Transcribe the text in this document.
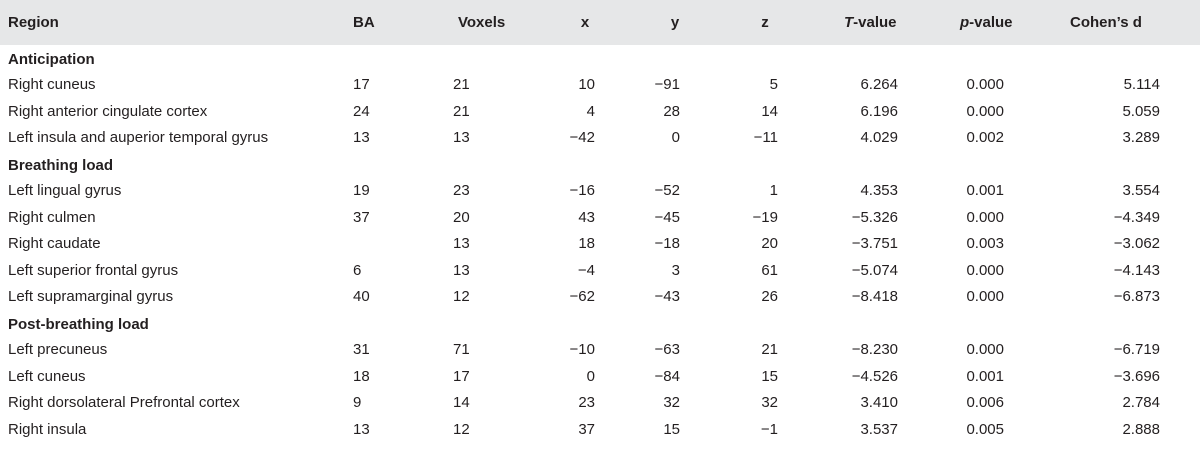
Region	BA	Voxels	x	y	z	T-value	p-value	Cohen’s d
Anticipation								
Right cuneus	17	21	10	−91	5	6.264	0.000	5.114
Right anterior cingulate cortex	24	21	4	28	14	6.196	0.000	5.059
Left insula and auperior temporal gyrus	13	13	−42	0	−11	4.029	0.002	3.289
Breathing load								
Left lingual gyrus	19	23	−16	−52	1	4.353	0.001	3.554
Right culmen	37	20	43	−45	−19	−5.326	0.000	−4.349
Right caudate		13	18	−18	20	−3.751	0.003	−3.062
Left superior frontal gyrus	6	13	−4	3	61	−5.074	0.000	−4.143
Left supramarginal gyrus	40	12	−62	−43	26	−8.418	0.000	−6.873
Post-breathing load								
Left precuneus	31	71	−10	−63	21	−8.230	0.000	−6.719
Left cuneus	18	17	0	−84	15	−4.526	0.001	−3.696
Right dorsolateral Prefrontal cortex	9	14	23	32	32	3.410	0.006	2.784
Right insula	13	12	37	15	−1	3.537	0.005	2.888
